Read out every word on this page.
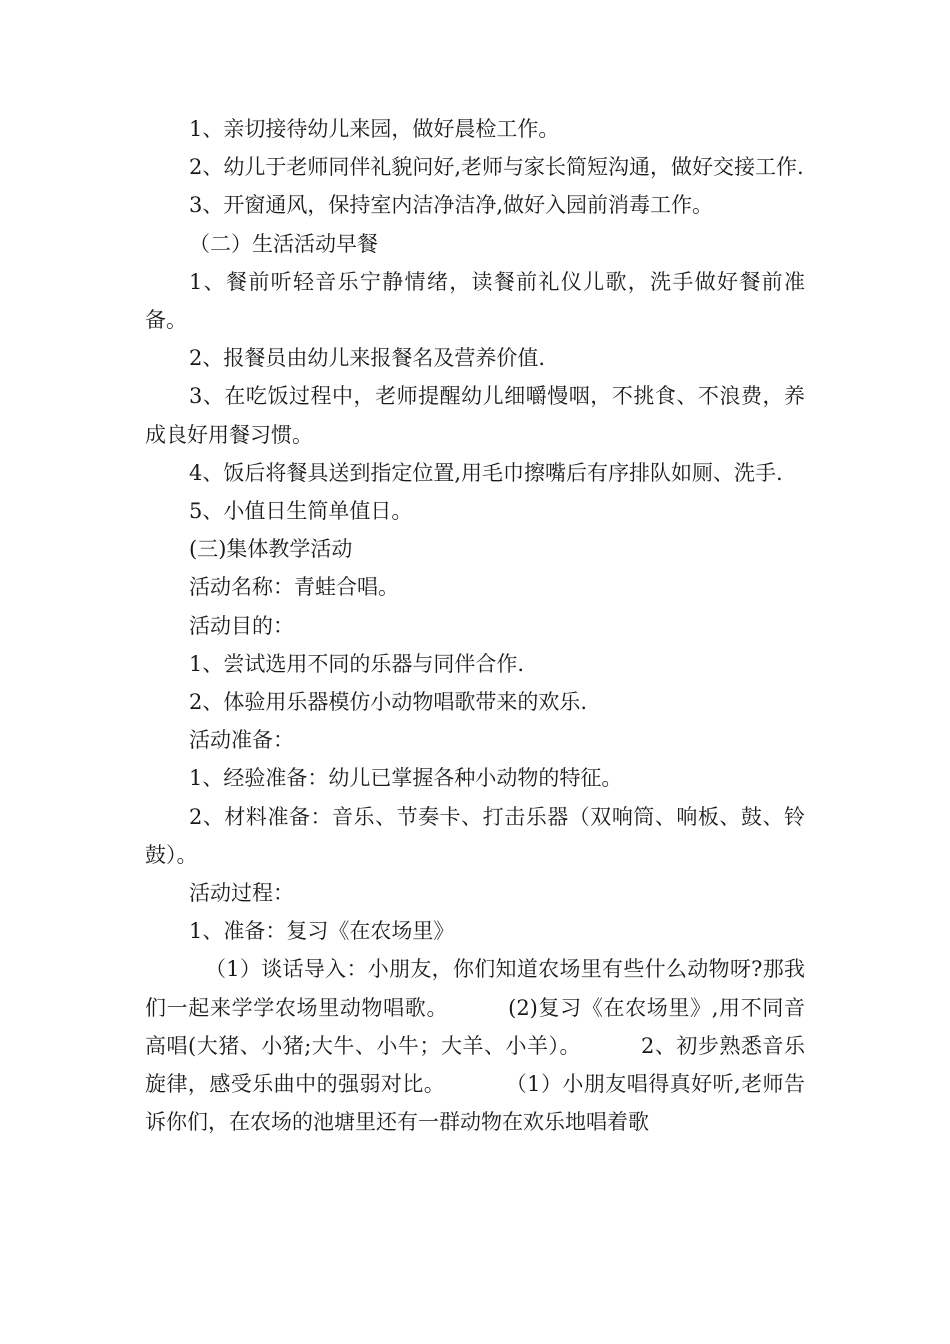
1、亲切接待幼儿来园，做好晨检工作。

2、幼儿于老师同伴礼貌问好,老师与家长简短沟通，做好交接工作.

3、开窗通风，保持室内洁净洁净,做好入园前消毒工作。

（二）生活活动早餐

1、餐前听轻音乐宁静情绪，读餐前礼仪儿歌，洗手做好餐前准备。

2、报餐员由幼儿来报餐名及营养价值.

3、在吃饭过程中，老师提醒幼儿细嚼慢咽，不挑食、不浪费，养成良好用餐习惯。

4、饭后将餐具送到指定位置,用毛巾擦嘴后有序排队如厕、洗手.

5、小值日生简单值日。

(三)集体教学活动

活动名称：青蛙合唱。

活动目的：

1、尝试选用不同的乐器与同伴合作.

2、体验用乐器模仿小动物唱歌带来的欢乐.

活动准备：

1、经验准备：幼儿已掌握各种小动物的特征。

2、材料准备：音乐、节奏卡、打击乐器（双响筒、响板、鼓、铃鼓）。

活动过程：

1、准备：复习《在农场里》

（1）谈话导入：小朋友，你们知道农场里有些什么动物呀?那我们一起来学学农场里动物唱歌。	(2)复习《在农场里》,用不同音高唱(大猪、小猪;大牛、小牛；大羊、小羊）。	2、初步熟悉音乐旋律，感受乐曲中的强弱对比。	（1）小朋友唱得真好听,老师告诉你们，在农场的池塘里还有一群动物在欢乐地唱着歌
